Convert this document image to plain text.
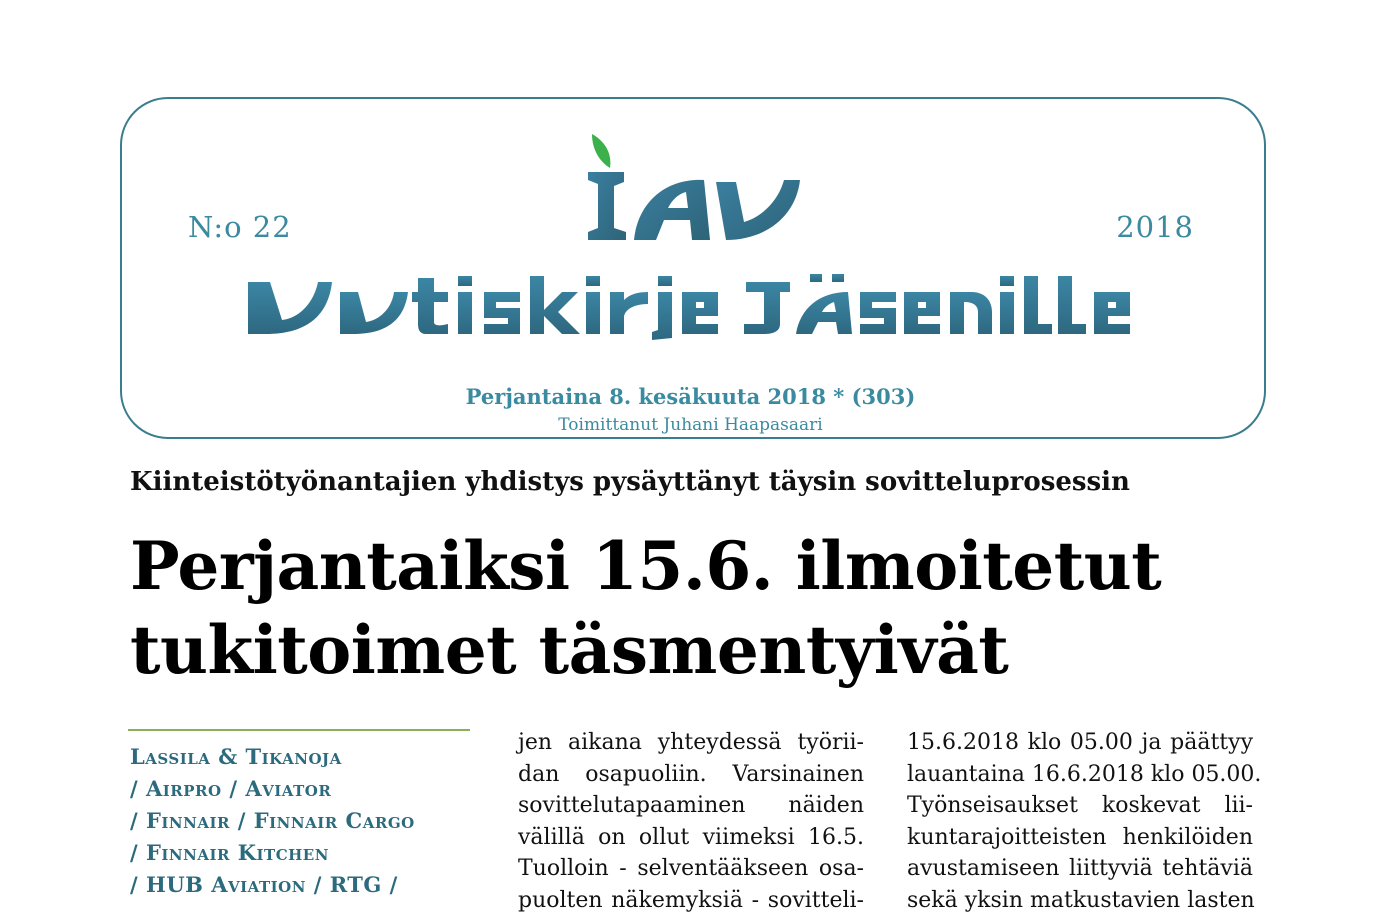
N:o 22	2018
Perjantaina 8. kesäkuuta 2018 * (303)
Toimittanut Juhani Haapasaari
Kiinteistötyönantajien yhdistys pysäyttänyt täysin sovitteluprosessin
Perjantaiksi 15.6. ilmoitetut
tukitoimet täsmentyivät
Lassila & Tikanoja
/ Airpro / Aviator
/ Finnair / Finnair Cargo
/ Finnair Kitchen
/ HUB Aviation / RTG /
jen aikana yhteydessä työrii-
dan osapuoliin. Varsinainen
sovittelutapaaminen näiden
välillä on ollut viimeksi 16.5.
Tuolloin - selventääkseen osa-
puolten näkemyksiä - sovitteli-
15.6.2018 klo 05.00 ja päättyy
lauantaina 16.6.2018 klo 05.00.
Työnseisaukset koskevat lii-
kuntarajoitteisten henkilöiden
avustamiseen liittyviä tehtäviä
sekä yksin matkustavien lasten
